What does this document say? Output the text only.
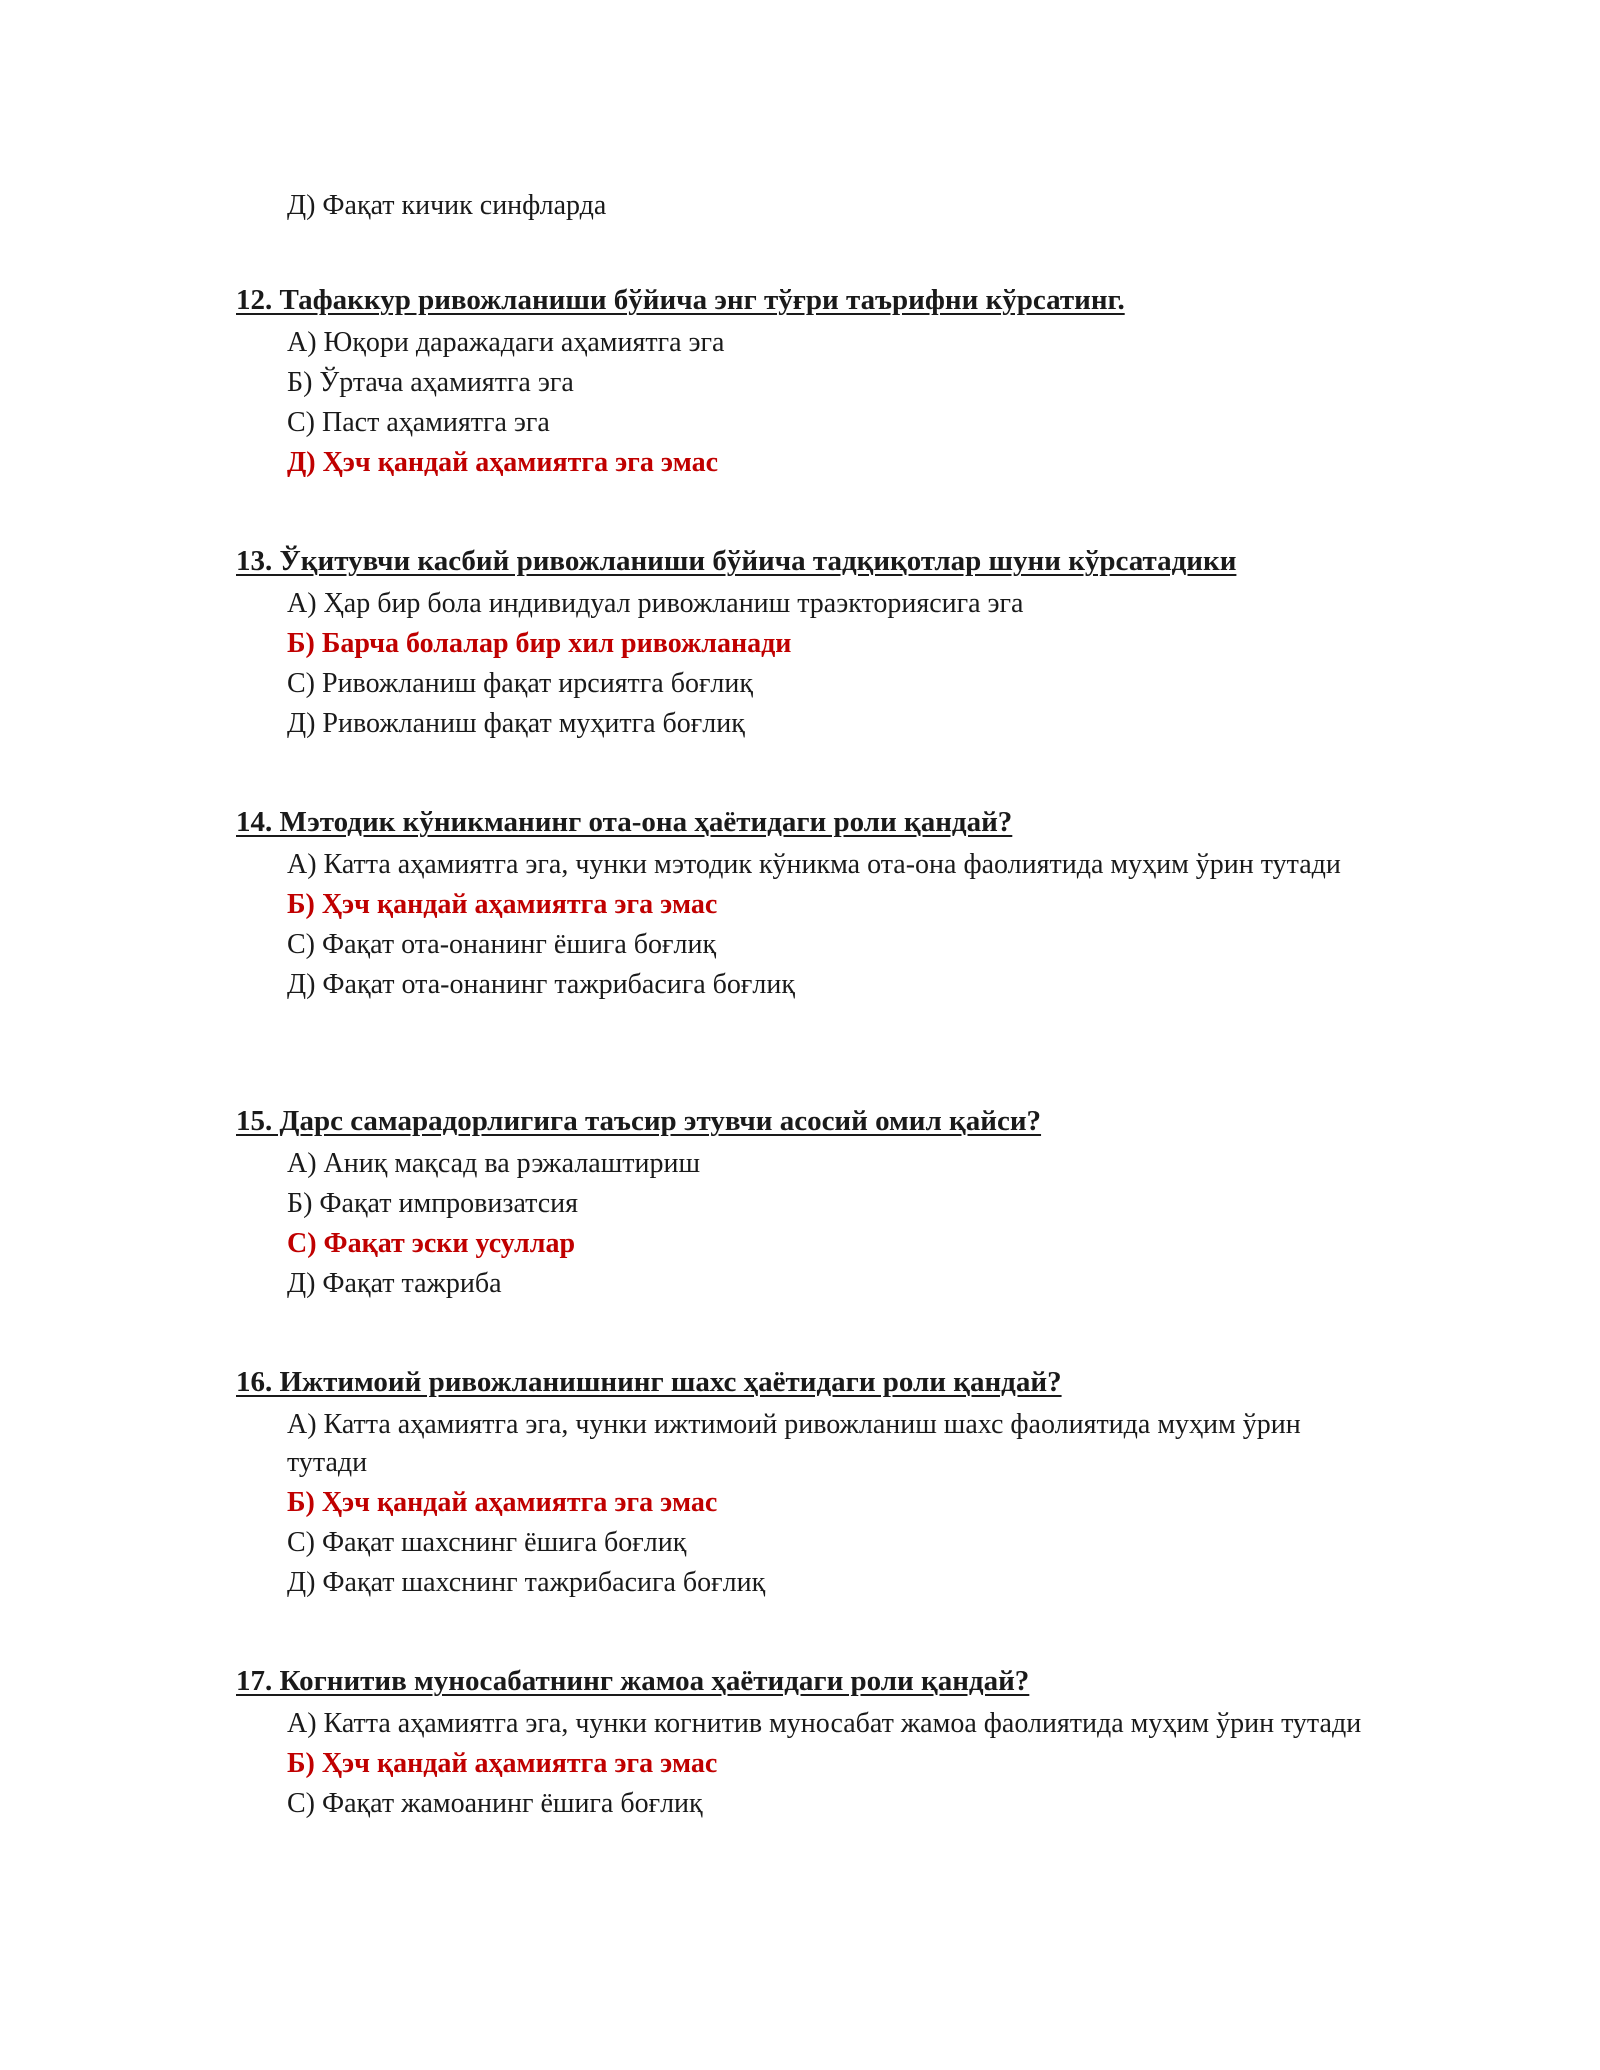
Д) Фақат кичик синфларда
12. Тафаккур ривожланиши бўйича энг тўғри таърифни кўрсатинг.
А) Юқори даражадаги аҳамиятга эга
Б) Ўртача аҳамиятга эга
С) Паст аҳамиятга эга
Д) Ҳэч қандай аҳамиятга эга эмас
13. Ўқитувчи касбий ривожланиши бўйича тадқиқотлар шуни кўрсатадики
А) Ҳар бир бола индивидуал ривожланиш траэкториясига эга
Б) Барча болалар бир хил ривожланади
С) Ривожланиш фақат ирсиятга боғлиқ
Д) Ривожланиш фақат муҳитга боғлиқ
14. Мэтодик кўникманинг ота-она ҳаётидаги роли қандай?
А) Катта аҳамиятга эга, чунки мэтодик кўникма ота-она фаолиятида муҳим ўрин тутади
Б) Ҳэч қандай аҳамиятга эга эмас
С) Фақат ота-онанинг ёшига боғлиқ
Д) Фақат ота-онанинг тажрибасига боғлиқ
15. Дарс самарадорлигига таъсир этувчи асосий омил қайси?
А) Аниқ мақсад ва рэжалаштириш
Б) Фақат импровизатсия
С) Фақат эски усуллар
Д) Фақат тажриба
16. Ижтимоий ривожланишнинг шахс ҳаётидаги роли қандай?
А) Катта аҳамиятга эга, чунки ижтимоий ривожланиш шахс фаолиятида муҳим ўрин тутади
Б) Ҳэч қандай аҳамиятга эга эмас
С) Фақат шахснинг ёшига боғлиқ
Д) Фақат шахснинг тажрибасига боғлиқ
17. Когнитив муносабатнинг жамоа ҳаётидаги роли қандай?
А) Катта аҳамиятга эга, чунки когнитив муносабат жамоа фаолиятида муҳим ўрин тутади
Б) Ҳэч қандай аҳамиятга эга эмас
С) Фақат жамоанинг ёшига боғлиқ
